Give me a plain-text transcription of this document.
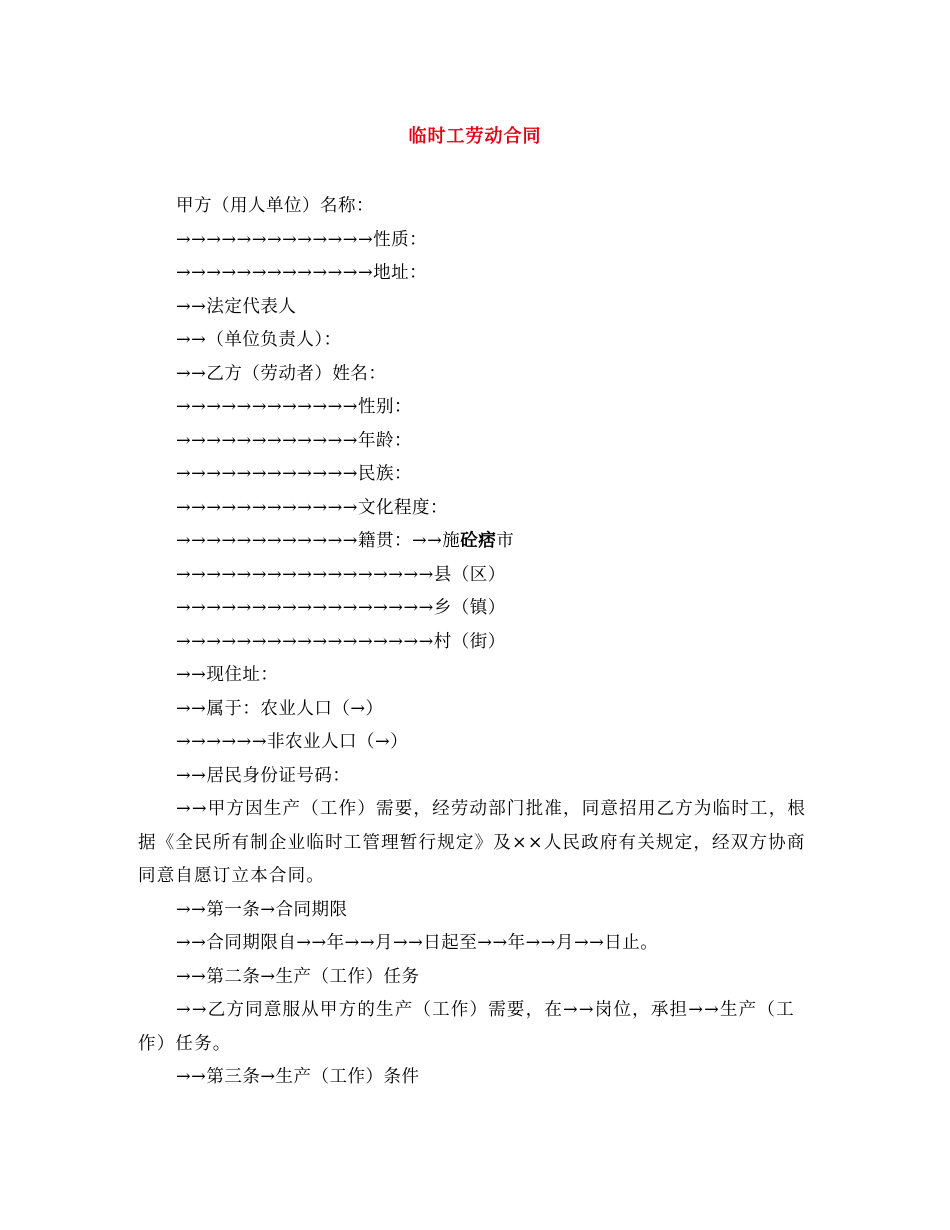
临时工劳动合同
甲方（用人单位）名称：
→→→→→→→→→→→→→性质：
→→→→→→→→→→→→→地址：
→→法定代表人
→→（单位负责人）：
→→乙方（劳动者）姓名：
→→→→→→→→→→→→性别：
→→→→→→→→→→→→年龄：
→→→→→→→→→→→→民族：
→→→→→→→→→→→→文化程度：
→→→→→→→→→→→→籍贯：→→施砼痞市
→→→→→→→→→→→→→→→→→县（区）
→→→→→→→→→→→→→→→→→乡（镇）
→→→→→→→→→→→→→→→→→村（街）
→→现住址：
→→属于：农业人口（→）
→→→→→→非农业人口（→）
→→居民身份证号码：
→→甲方因生产（工作）需要，经劳动部门批准，同意招用乙方为临时工，根
据《全民所有制企业临时工管理暂行规定》及××人民政府有关规定，经双方协商
同意自愿订立本合同。
→→第一条→合同期限
→→合同期限自→→年→→月→→日起至→→年→→月→→日止。
→→第二条→生产（工作）任务
→→乙方同意服从甲方的生产（工作）需要，在→→岗位，承担→→生产（工
作）任务。
→→第三条→生产（工作）条件
